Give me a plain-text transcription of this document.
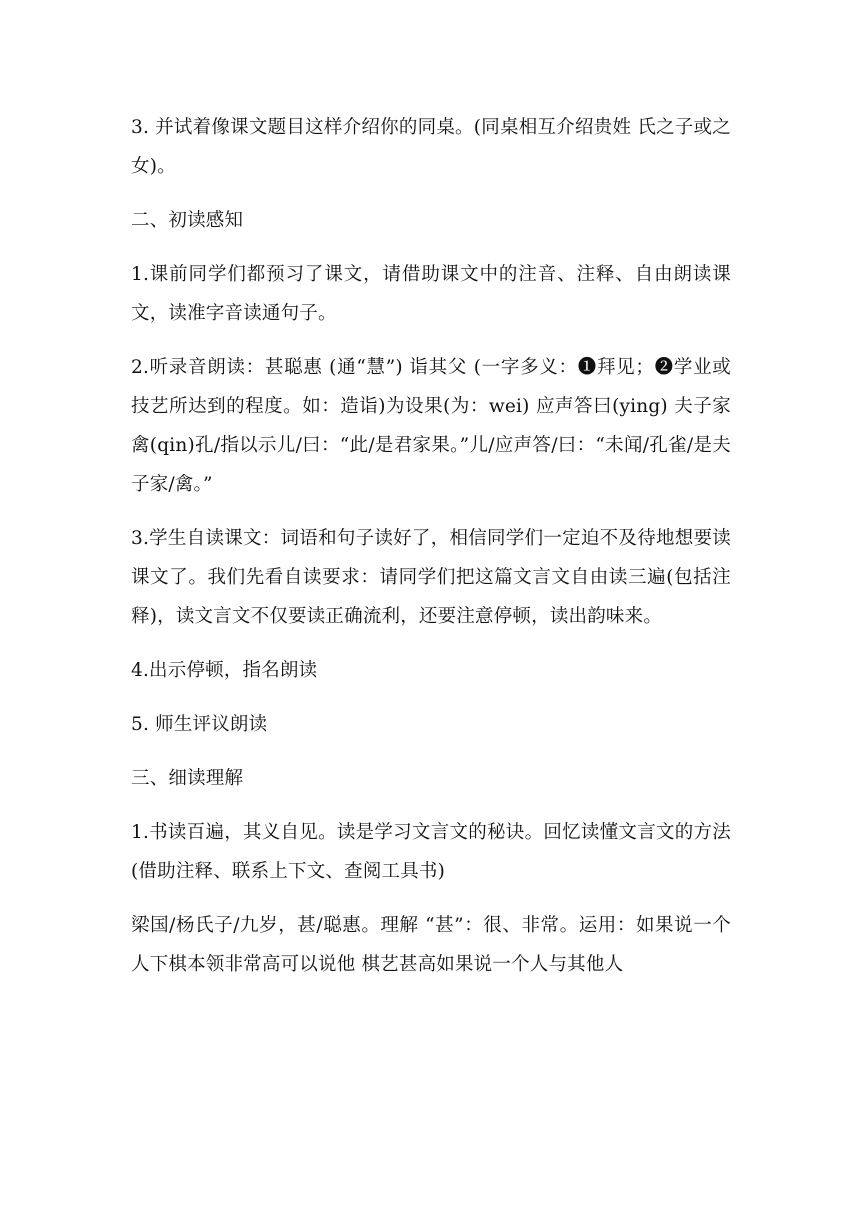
3. 并试着像课文题目这样介绍你的同桌。(同桌相互介绍贵姓 氏之子或之女)。

二、初读感知

1.课前同学们都预习了课文，请借助课文中的注音、注释、自由朗读课文，读准字音读通句子。

2.听录音朗读：甚聪惠 (通“慧”) 诣其父 (一字多义：❶拜见；❷学业或技艺所达到的程度。如：造诣)为设果(为：wei) 应声答曰(ying) 夫子家禽(qin)孔/指以示儿/曰：“此/是君家果。”儿/应声答/曰：“未闻/孔雀/是夫子家/禽。”

3.学生自读课文：词语和句子读好了，相信同学们一定迫不及待地想要读课文了。我们先看自读要求：请同学们把这篇文言文自由读三遍(包括注释)，读文言文不仅要读正确流利，还要注意停顿，读出韵味来。

4.出示停顿，指名朗读

5. 师生评议朗读

三、细读理解

1.书读百遍，其义自见。读是学习文言文的秘诀。回忆读懂文言文的方法(借助注释、联系上下文、查阅工具书)

梁国/杨氏子/九岁，甚/聪惠。理解 “甚”：很、非常。运用：如果说一个人下棋本领非常高可以说他 棋艺甚高如果说一个人与其他人
